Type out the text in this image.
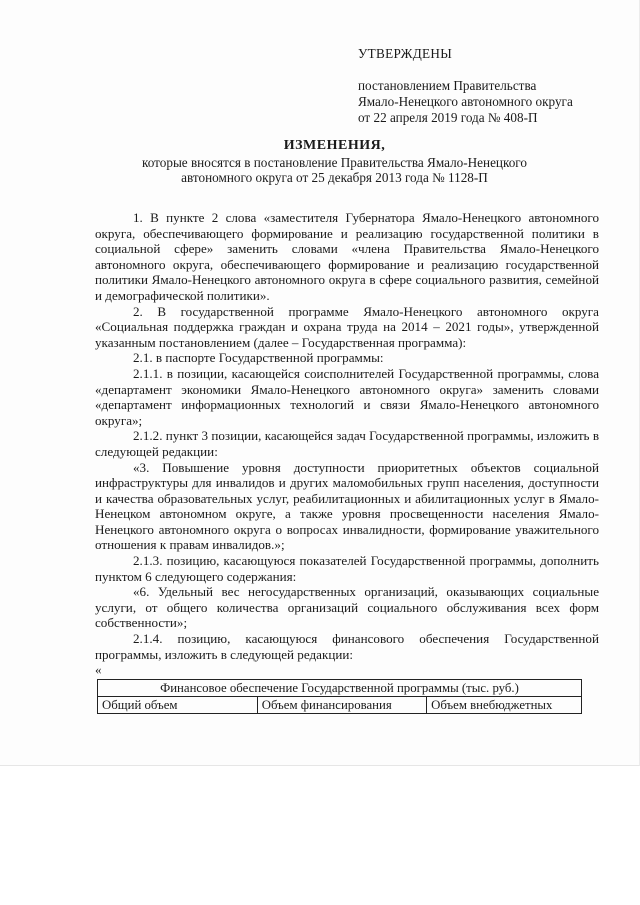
УТВЕРЖДЕНЫ
постановлением Правительства
Ямало-Ненецкого автономного округа
от 22 апреля 2019 года № 408-П
ИЗМЕНЕНИЯ,
которые вносятся в постановление Правительства Ямало-Ненецкого
автономного округа от 25 декабря 2013 года № 1128-П

1. В пункте 2 слова «заместителя Губернатора Ямало-Ненецкого автономного округа, обеспечивающего формирование и реализацию государственной политики в социальной сфере» заменить словами «члена Правительства Ямало-Ненецкого автономного округа, обеспечивающего формирование и реализацию государственной политики Ямало-Ненецкого автономного округа в сфере социального развития, семейной и демографической политики».

2. В государственной программе Ямало-Ненецкого автономного округа «Социальная поддержка граждан и охрана труда на 2014 – 2021 годы», утвержденной указанным постановлением (далее – Государственная программа):

2.1. в паспорте Государственной программы:

2.1.1. в позиции, касающейся соисполнителей Государственной программы, слова «департамент экономики Ямало-Ненецкого автономного округа» заменить словами «департамент информационных технологий и связи Ямало-Ненецкого автономного округа»;

2.1.2. пункт 3 позиции, касающейся задач Государственной программы, изложить в следующей редакции:

«3. Повышение уровня доступности приоритетных объектов социальной инфраструктуры для инвалидов и других маломобильных групп населения, доступности и качества образовательных услуг, реабилитационных и абилитационных услуг в Ямало-Ненецком автономном округе, а также уровня просвещенности населения Ямало-Ненецкого автономного округа о вопросах инвалидности, формирование уважительного отношения к правам инвалидов.»;

2.1.3. позицию, касающуюся показателей Государственной программы, дополнить пунктом 6 следующего содержания:

«6. Удельный вес негосударственных организаций, оказывающих социальные услуги, от общего количества организаций социального обслуживания всех форм собственности»;

2.1.4. позицию, касающуюся финансового обеспечения Государственной программы, изложить в следующей редакции:

«

Финансовое обеспечение Государственной программы (тыс. руб.)
Общий объем	Объем финансирования	Объем внебюджетных
